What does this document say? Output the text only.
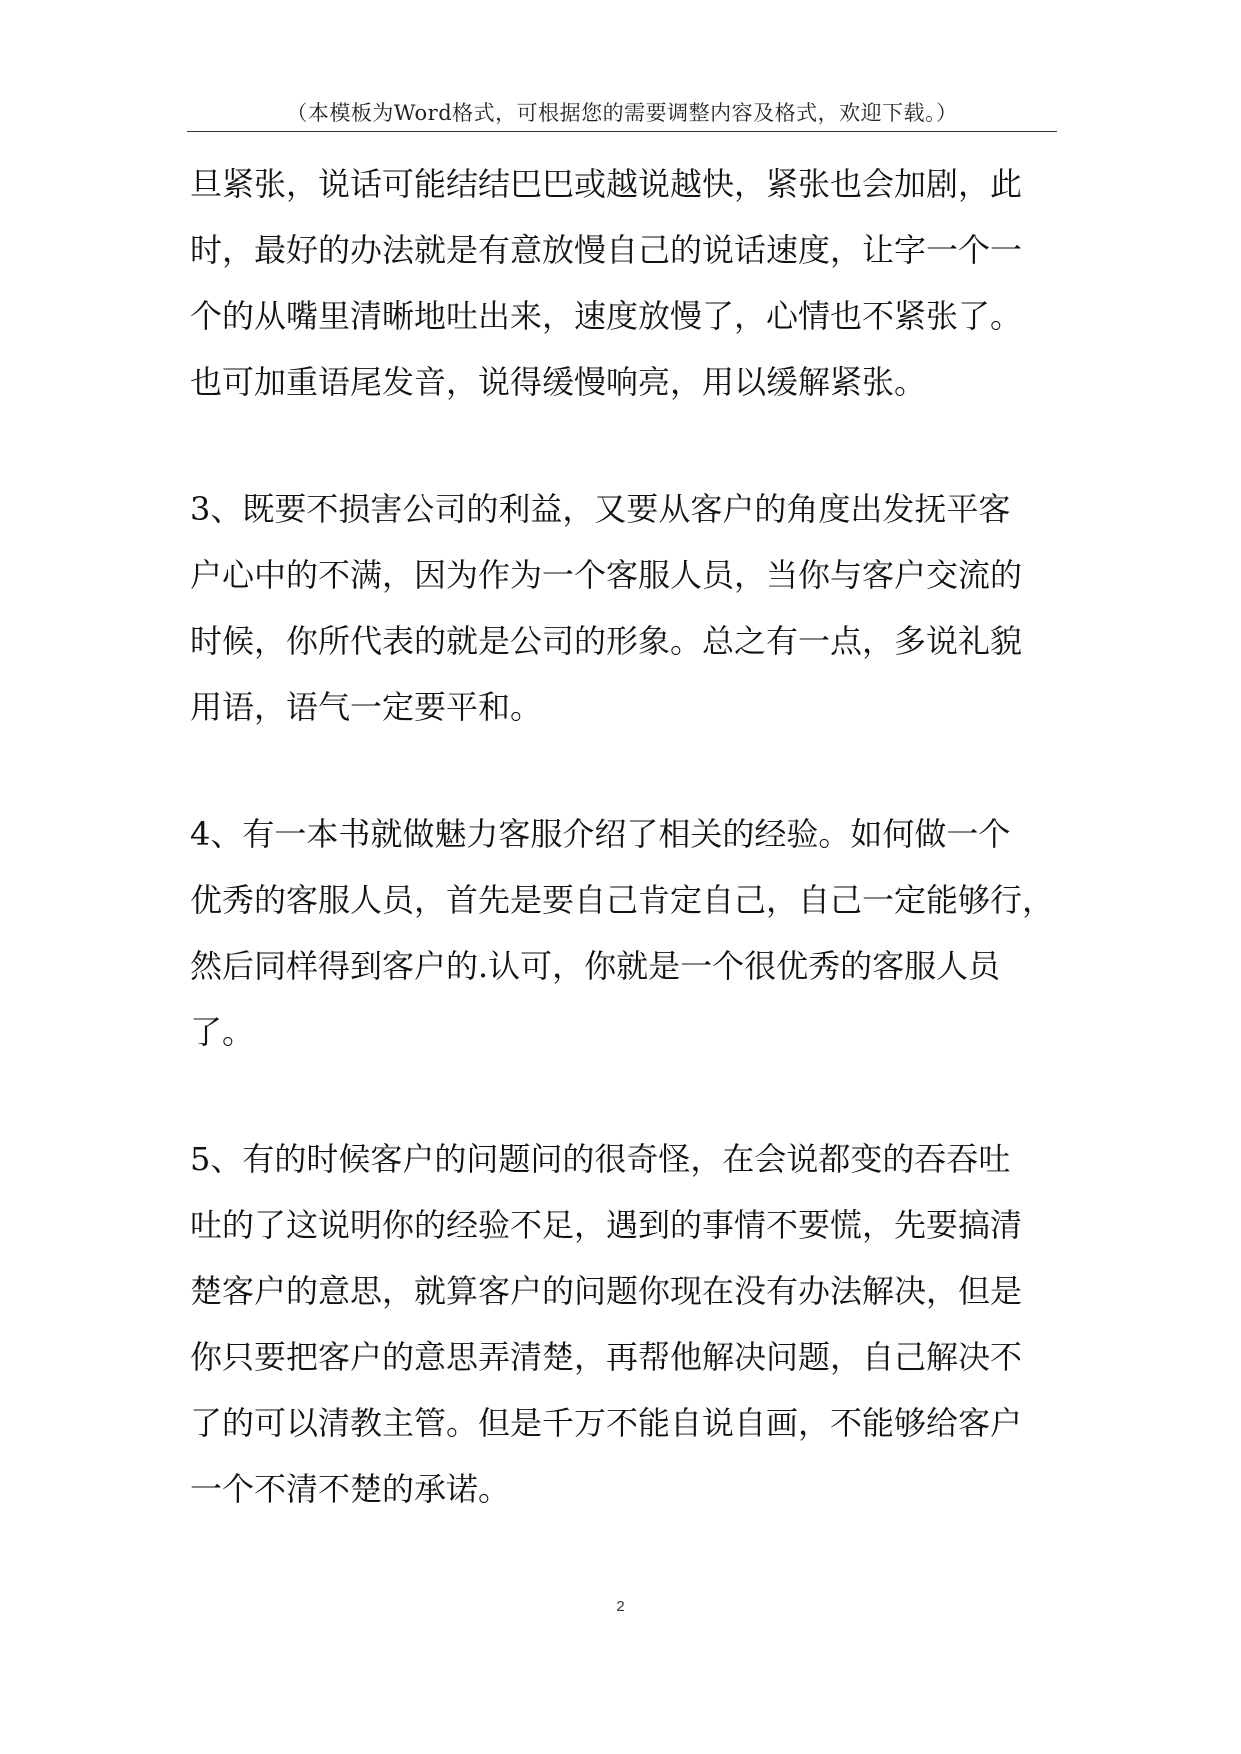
（本模板为Word格式，可根据您的需要调整内容及格式，欢迎下载。）
旦紧张，说话可能结结巴巴或越说越快，紧张也会加剧，此
时，最好的办法就是有意放慢自己的说话速度，让字一个一
个的从嘴里清晰地吐出来，速度放慢了，心情也不紧张了。
也可加重语尾发音，说得缓慢响亮，用以缓解紧张。
3、既要不损害公司的利益，又要从客户的角度出发抚平客
户心中的不满，因为作为一个客服人员，当你与客户交流的
时候，你所代表的就是公司的形象。总之有一点，多说礼貌
用语，语气一定要平和。
4、有一本书就做魅力客服介绍了相关的经验。如何做一个
优秀的客服人员，首先是要自己肯定自己，自己一定能够行，
然后同样得到客户的.认可，你就是一个很优秀的客服人员
了。
5、有的时候客户的问题问的很奇怪，在会说都变的吞吞吐
吐的了这说明你的经验不足，遇到的事情不要慌，先要搞清
楚客户的意思，就算客户的问题你现在没有办法解决，但是
你只要把客户的意思弄清楚，再帮他解决问题，自己解决不
了的可以清教主管。但是千万不能自说自画，不能够给客户
一个不清不楚的承诺。
2
